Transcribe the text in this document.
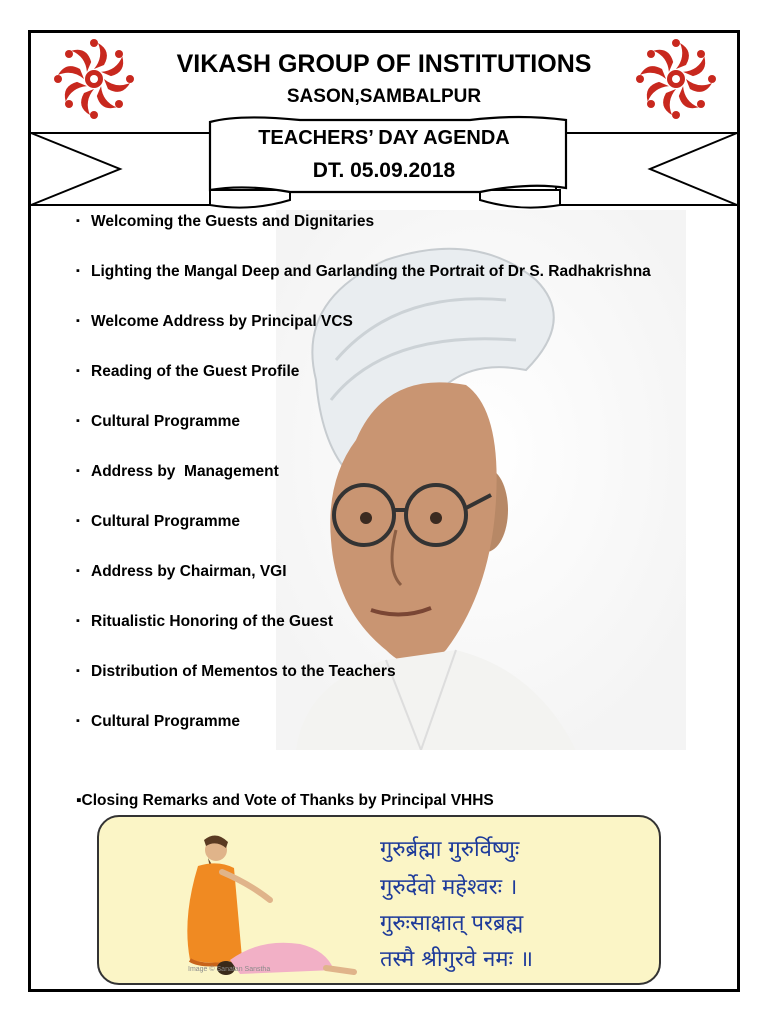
VIKASH GROUP OF INSTITUTIONS
SASON,SAMBALPUR
TEACHERS’ DAY AGENDA
DT. 05.09.2018
▪ Welcoming the Guests and Dignitaries
▪ Lighting the Mangal Deep and Garlanding the Portrait of Dr S. Radhakrishna
▪ Welcome Address by Principal VCS
▪ Reading of the Guest Profile
▪ Cultural Programme
▪ Address by  Management
▪ Cultural Programme
▪ Address by Chairman, VGI
▪ Ritualistic Honoring of the Guest
▪ Distribution of Mementos to the Teachers
▪ Cultural Programme
▪Closing Remarks and Vote of Thanks by Principal VHHS
गुरुर्ब्रह्मा गुरुर्विष्णुः
गुरुर्देवो महेश्वरः ।
गुरुःसाक्षात् परब्रह्म
तस्मै श्रीगुरवे नमः ॥
Image © Sanatan Sanstha
